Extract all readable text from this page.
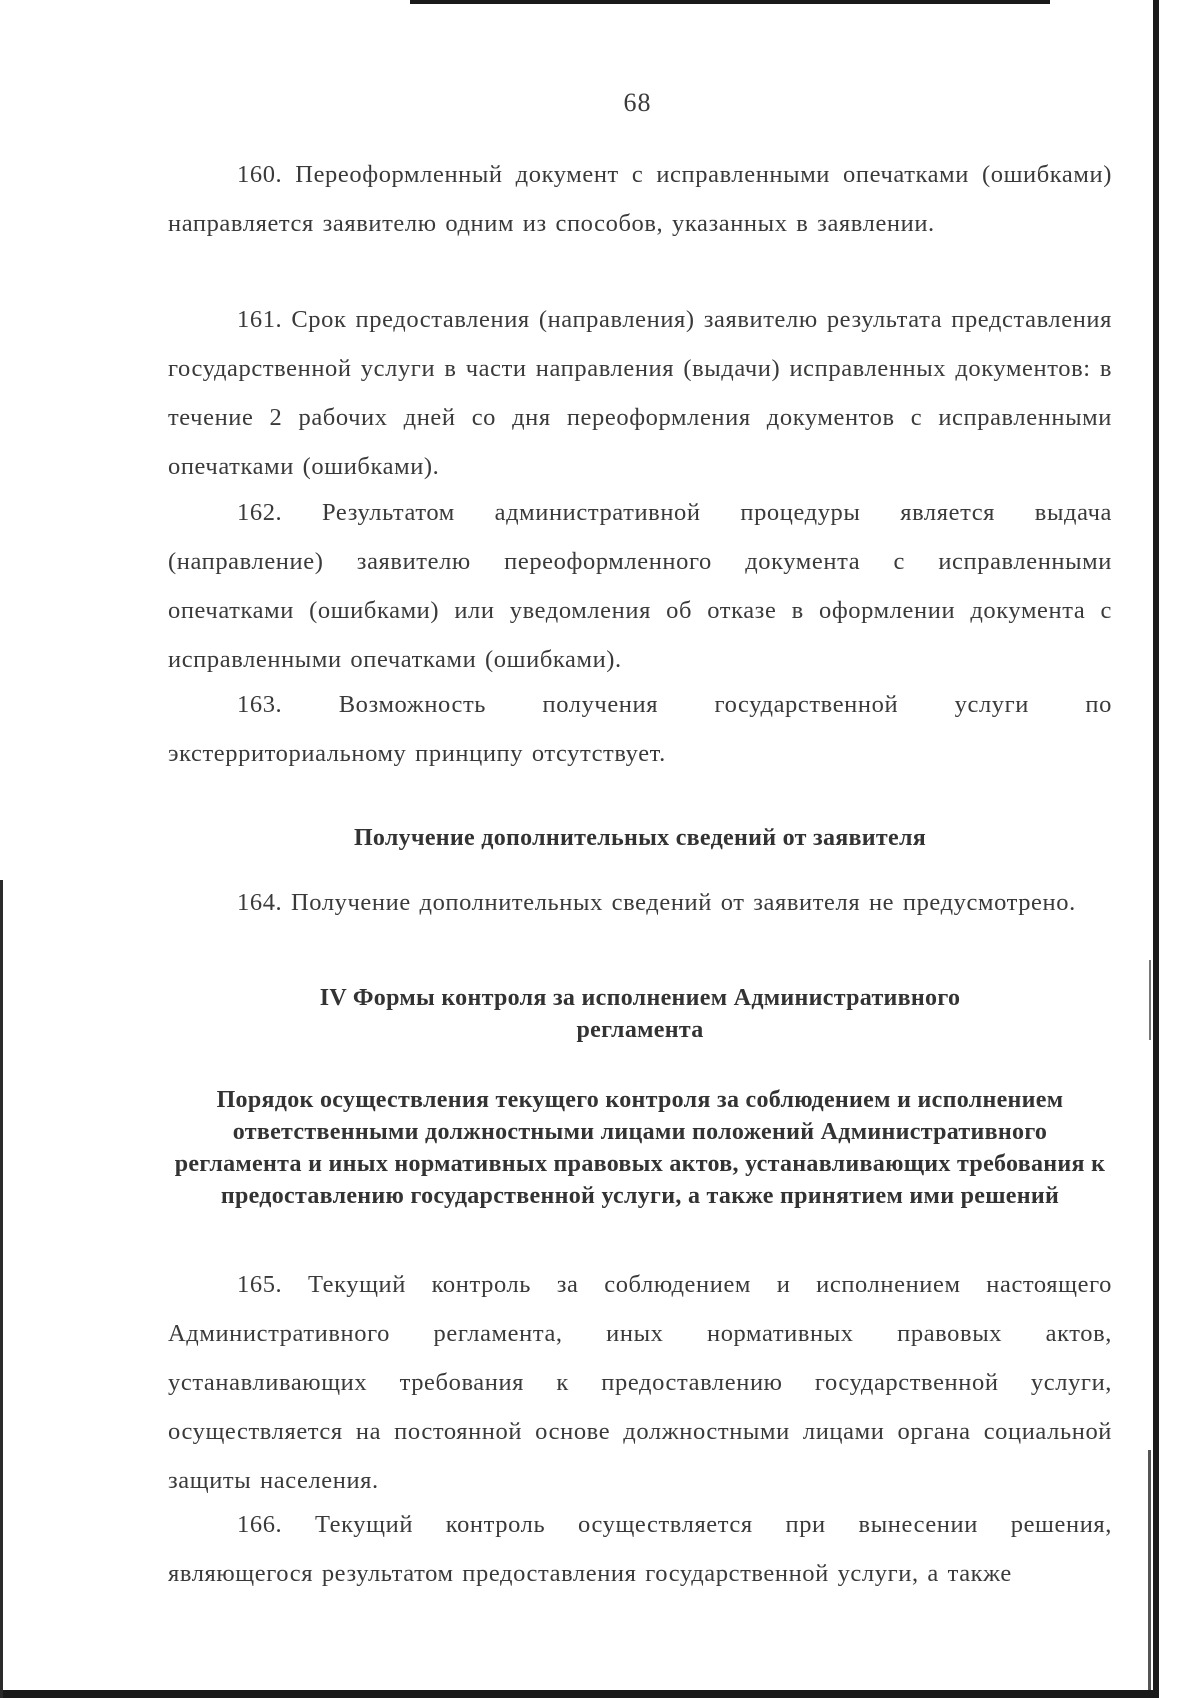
68

160. Переоформленный документ с исправленными опечатками (ошибками) направляется заявителю одним из способов, указанных в заявлении.

161. Срок предоставления (направления) заявителю результата представления государственной услуги в части направления (выдачи) исправленных документов: в течение 2 рабочих дней со дня переоформления документов с исправленными опечатками (ошибками).

162. Результатом административной процедуры является выдача (направление) заявителю переоформленного документа с исправленными опечатками (ошибками) или уведомления об отказе в оформлении документа с исправленными опечатками (ошибками).

163. Возможность получения государственной услуги по экстерриториальному принципу отсутствует.

Получение дополнительных сведений от заявителя

164. Получение дополнительных сведений от заявителя не предусмотрено.

IV Формы контроля за исполнением Административного регламента
Порядок осуществления текущего контроля за соблюдением и исполнением ответственными должностными лицами положений Административного регламента и иных нормативных правовых актов, устанавливающих требования к предоставлению государственной услуги, а также принятием ими решений

165. Текущий контроль за соблюдением и исполнением настоящего Административного регламента, иных нормативных правовых актов, устанавливающих требования к предоставлению государственной услуги, осуществляется на постоянной основе должностными лицами органа социальной защиты населения.

166. Текущий контроль осуществляется при вынесении решения, являющегося результатом предоставления государственной услуги, а также
